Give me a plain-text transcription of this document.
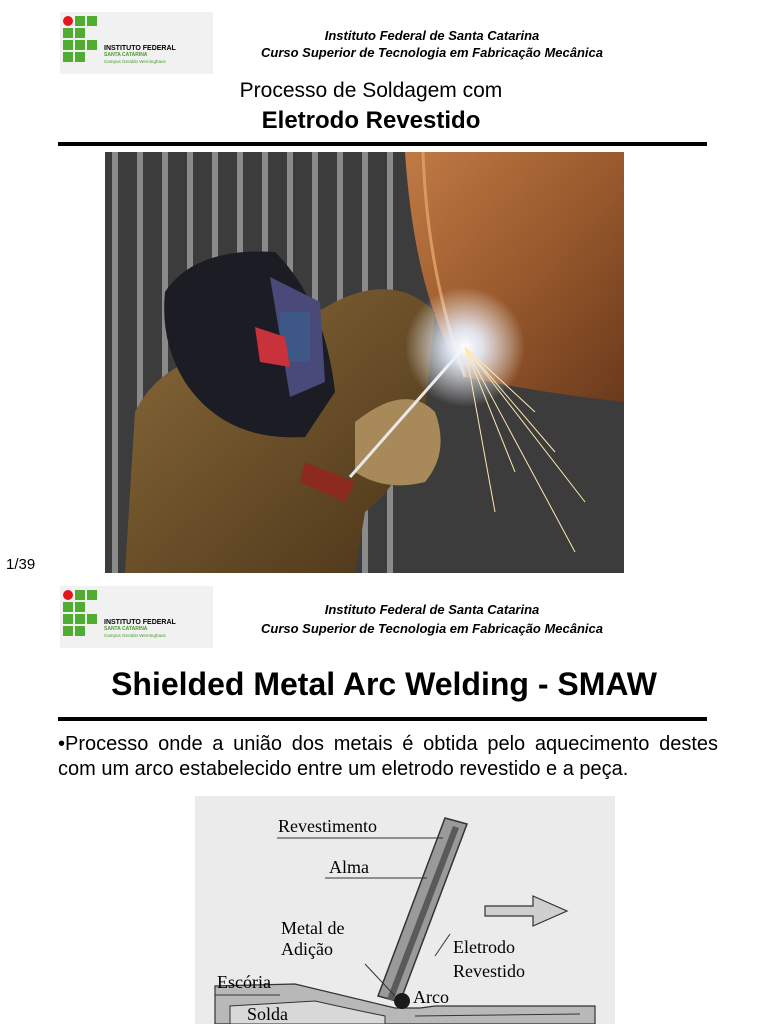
INSTITUTO FEDERAL
SANTA CATARINA
Campus Geraldo Werninghaus
Instituto Federal de Santa Catarina
Curso Superior de Tecnologia em Fabricação Mecânica
Processo de Soldagem com
Eletrodo Revestido
1/39
INSTITUTO FEDERAL
SANTA CATARINA
Campus Geraldo Werninghaus
Instituto Federal de Santa Catarina
Curso Superior de Tecnologia em Fabricação Mecânica
Shielded Metal Arc Welding - SMAW
•Processo onde a união dos metais é obtida pelo aquecimento destes com um arco estabelecido entre um eletrodo revestido e a peça.
Revestimento
Alma
Metal de
Adição	Eletrodo
Revestido
Escória
Arco
Solda
